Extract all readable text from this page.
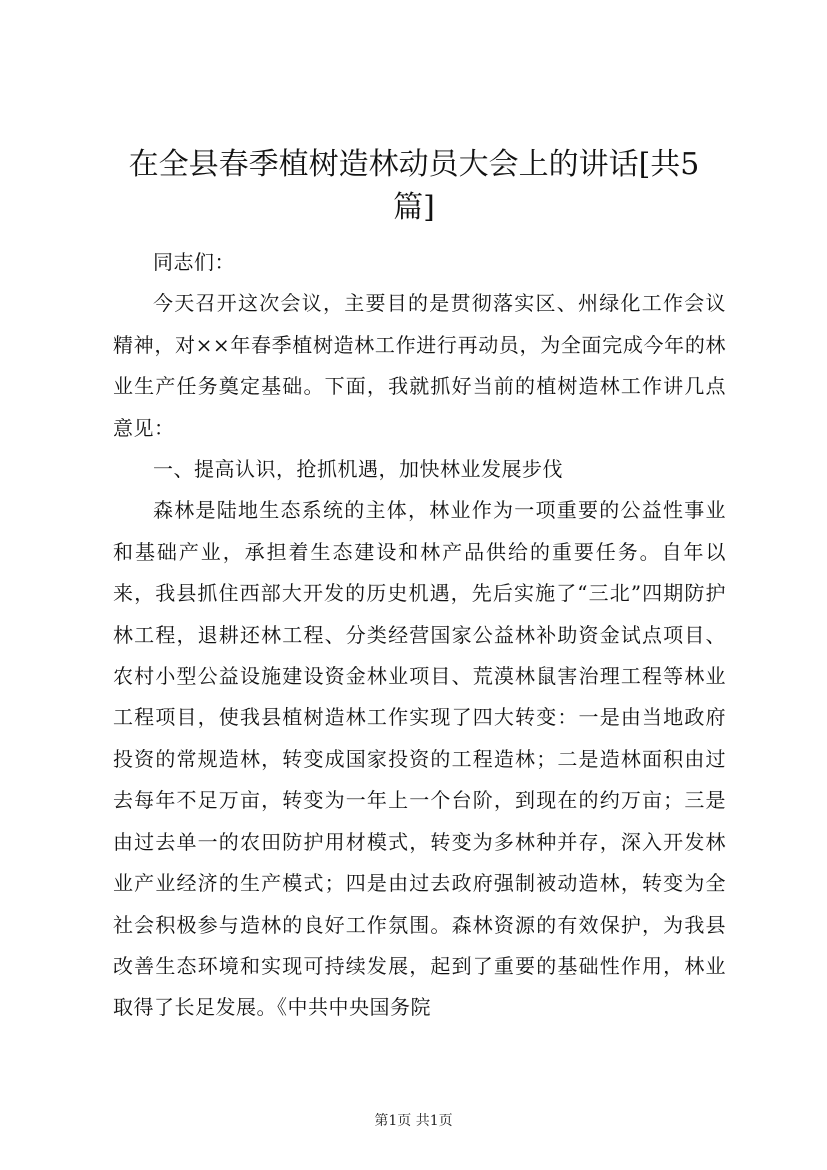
在全县春季植树造林动员大会上的讲话[共5篇]

同志们：

今天召开这次会议，主要目的是贯彻落实区、州绿化工作会议精神，对××年春季植树造林工作进行再动员，为全面完成今年的林业生产任务奠定基础。下面，我就抓好当前的植树造林工作讲几点意见：

一、提高认识，抢抓机遇，加快林业发展步伐

森林是陆地生态系统的主体，林业作为一项重要的公益性事业和基础产业，承担着生态建设和林产品供给的重要任务。自年以来，我县抓住西部大开发的历史机遇，先后实施了“三北”四期防护林工程，退耕还林工程、分类经营国家公益林补助资金试点项目、农村小型公益设施建设资金林业项目、荒漠林鼠害治理工程等林业工程项目，使我县植树造林工作实现了四大转变：一是由当地政府投资的常规造林，转变成国家投资的工程造林；二是造林面积由过去每年不足万亩，转变为一年上一个台阶，到现在的约万亩；三是由过去单一的农田防护用材模式，转变为多林种并存，深入开发林业产业经济的生产模式；四是由过去政府强制被动造林，转变为全社会积极参与造林的良好工作氛围。森林资源的有效保护，为我县改善生态环境和实现可持续发展，起到了重要的基础性作用，林业取得了长足发展。《中共中央国务院

第1页 共1页
